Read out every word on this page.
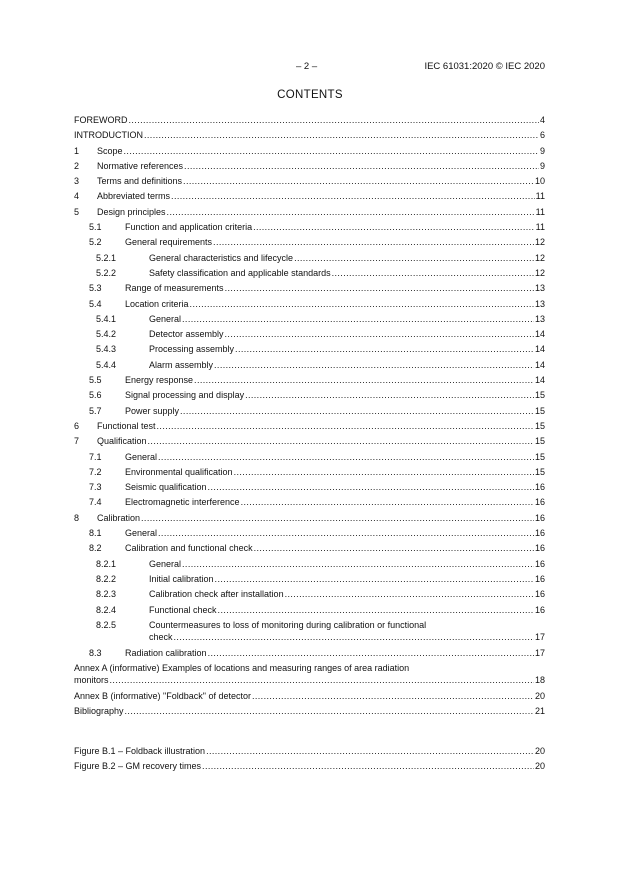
– 2 –	IEC 61031:2020 © IEC 2020
CONTENTS
FOREWORD .....	4
INTRODUCTION .....	6
1 Scope .....	9
2 Normative references .....	9
3 Terms and definitions .....	10
4 Abbreviated terms .....	11
5 Design principles .....	11
5.1	Function and application criteria .....	11
5.2	General requirements .....	12
5.2.1	General characteristics and lifecycle .....	12
5.2.2	Safety classification and applicable standards .....	12
5.3	Range of measurements .....	13
5.4	Location criteria .....	13
5.4.1	General .....	13
5.4.2	Detector assembly .....	14
5.4.3	Processing assembly .....	14
5.4.4	Alarm assembly .....	14
5.5	Energy response .....	14
5.6	Signal processing and display .....	15
5.7	Power supply .....	15
6 Functional test .....	15
7 Qualification .....	15
7.1	General .....	15
7.2	Environmental qualification .....	15
7.3	Seismic qualification .....	16
7.4	Electromagnetic interference .....	16
8 Calibration .....	16
8.1	General .....	16
8.2	Calibration and functional check .....	16
8.2.1	General .....	16
8.2.2	Initial calibration .....	16
8.2.3	Calibration check after installation .....	16
8.2.4	Functional check .....	16
8.2.5	Countermeasures to loss of monitoring during calibration or functional
check .....	17
8.3	Radiation calibration .....	17
Annex A (informative) Examples of locations and measuring ranges of area radiation
monitors .....	18
Annex B (informative) "Foldback" of detector .....	20
Bibliography .....	21
Figure B.1 – Foldback illustration .....	20
Figure B.2 – GM recovery times .....	20
